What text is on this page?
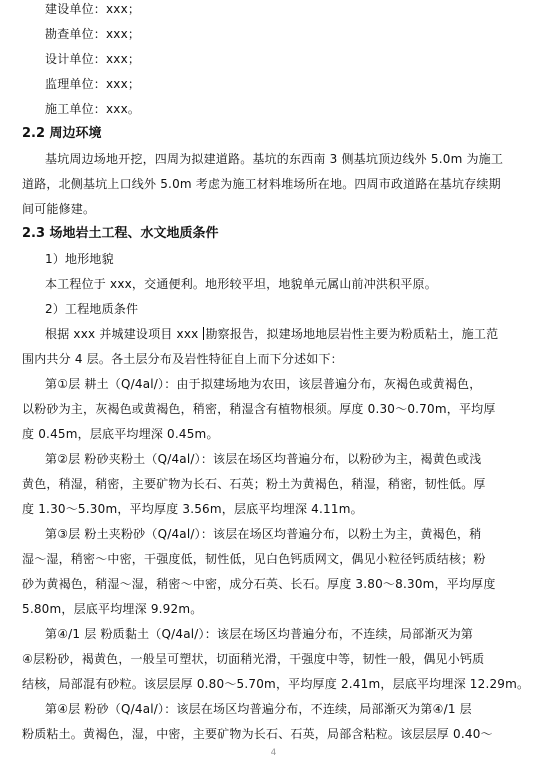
建设单位：xxx；
勘查单位：xxx；
设计单位：xxx；
监理单位：xxx；
施工单位：xxx。
2.2 周边环境
基坑周边场地开挖，四周为拟建道路。基坑的东西南 3 侧基坑顶边线外 5.0m 为施工
道路，北侧基坑上口线外 5.0m 考虑为施工材料堆场所在地。四周市政道路在基坑存续期
间可能修建。
2.3 场地岩土工程、水文地质条件
1）地形地貌
本工程位于 xxx，交通便利。地形较平坦，地貌单元属山前冲洪积平原。
2）工程地质条件
根据 xxx 并城建设项目 xxx 勘察报告，拟建场地地层岩性主要为粉质粘土，施工范
围内共分 4 层。各土层分布及岩性特征自上而下分述如下：
第①层 耕土（Q/4al/）：由于拟建场地为农田，该层普遍分布，灰褐色或黄褐色，
以粉砂为主，灰褐色或黄褐色，稍密，稍湿含有植物根须。厚度 0.30～0.70m，平均厚
度 0.45m，层底平均埋深 0.45m。
第②层 粉砂夹粉土（Q/4al/）：该层在场区均普遍分布，以粉砂为主，褐黄色或浅
黄色，稍湿，稍密，主要矿物为长石、石英；粉土为黄褐色，稍湿，稍密，韧性低。厚
度 1.30～5.30m，平均厚度 3.56m，层底平均埋深 4.11m。
第③层 粉土夹粉砂（Q/4al/）：该层在场区均普遍分布，以粉土为主，黄褐色，稍
湿～湿，稍密～中密，干强度低，韧性低，见白色钙质网文，偶见小粒径钙质结核；粉
砂为黄褐色，稍湿～湿，稍密～中密，成分石英、长石。厚度 3.80～8.30m，平均厚度
5.80m，层底平均埋深 9.92m。
第④/1 层 粉质黏土（Q/4al/）：该层在场区均普遍分布，不连续，局部渐灭为第
④层粉砂，褐黄色，一般呈可塑状，切面稍光滑，干强度中等，韧性一般，偶见小钙质
结核，局部混有砂粒。该层层厚 0.80～5.70m，平均厚度 2.41m，层底平均埋深 12.29m。
第④层 粉砂（Q/4al/）：该层在场区均普遍分布，不连续，局部渐灭为第④/1 层
粉质粘土。黄褐色，湿，中密，主要矿物为长石、石英，局部含粘粒。该层层厚 0.40～
4
